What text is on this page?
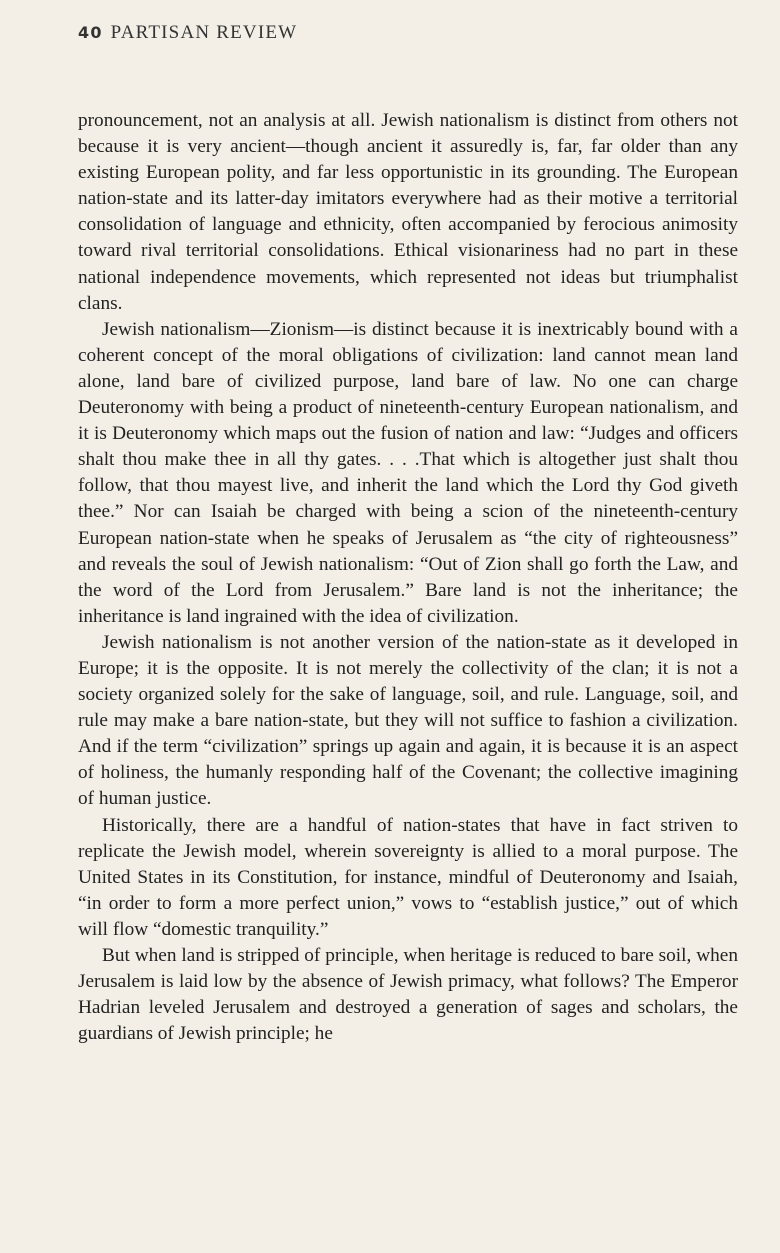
40 PARTISAN REVIEW

pronouncement, not an analysis at all. Jewish nationalism is distinct from others not because it is very ancient—though ancient it assuredly is, far, far older than any existing European polity, and far less opportunistic in its grounding. The European nation-state and its latter-day imitators everywhere had as their motive a territorial consolidation of language and ethnicity, often accompanied by ferocious animosity toward rival territorial consolidations. Ethical visionariness had no part in these national independence movements, which represented not ideas but triumphalist clans.

Jewish nationalism—Zionism—is distinct because it is inextricably bound with a coherent concept of the moral obligations of civilization: land cannot mean land alone, land bare of civilized purpose, land bare of law. No one can charge Deuteronomy with being a product of nineteenth-century European nationalism, and it is Deuteronomy which maps out the fusion of nation and law: “Judges and officers shalt thou make thee in all thy gates. . . .That which is altogether just shalt thou follow, that thou mayest live, and inherit the land which the Lord thy God giveth thee.” Nor can Isaiah be charged with being a scion of the nineteenth-century European nation-state when he speaks of Jerusalem as “the city of righteousness” and reveals the soul of Jewish nationalism: “Out of Zion shall go forth the Law, and the word of the Lord from Jerusalem.” Bare land is not the inheritance; the inheritance is land ingrained with the idea of civilization.

Jewish nationalism is not another version of the nation-state as it developed in Europe; it is the opposite. It is not merely the collectivity of the clan; it is not a society organized solely for the sake of language, soil, and rule. Language, soil, and rule may make a bare nation-state, but they will not suffice to fashion a civilization. And if the term “civilization” springs up again and again, it is because it is an aspect of holiness, the humanly responding half of the Covenant; the collective imagining of human justice.

Historically, there are a handful of nation-states that have in fact striven to replicate the Jewish model, wherein sovereignty is allied to a moral purpose. The United States in its Constitution, for instance, mindful of Deuteronomy and Isaiah, “in order to form a more perfect union,” vows to “establish justice,” out of which will flow “domestic tranquility.”

But when land is stripped of principle, when heritage is reduced to bare soil, when Jerusalem is laid low by the absence of Jewish primacy, what follows? The Emperor Hadrian leveled Jerusalem and destroyed a generation of sages and scholars, the guardians of Jewish principle; he
